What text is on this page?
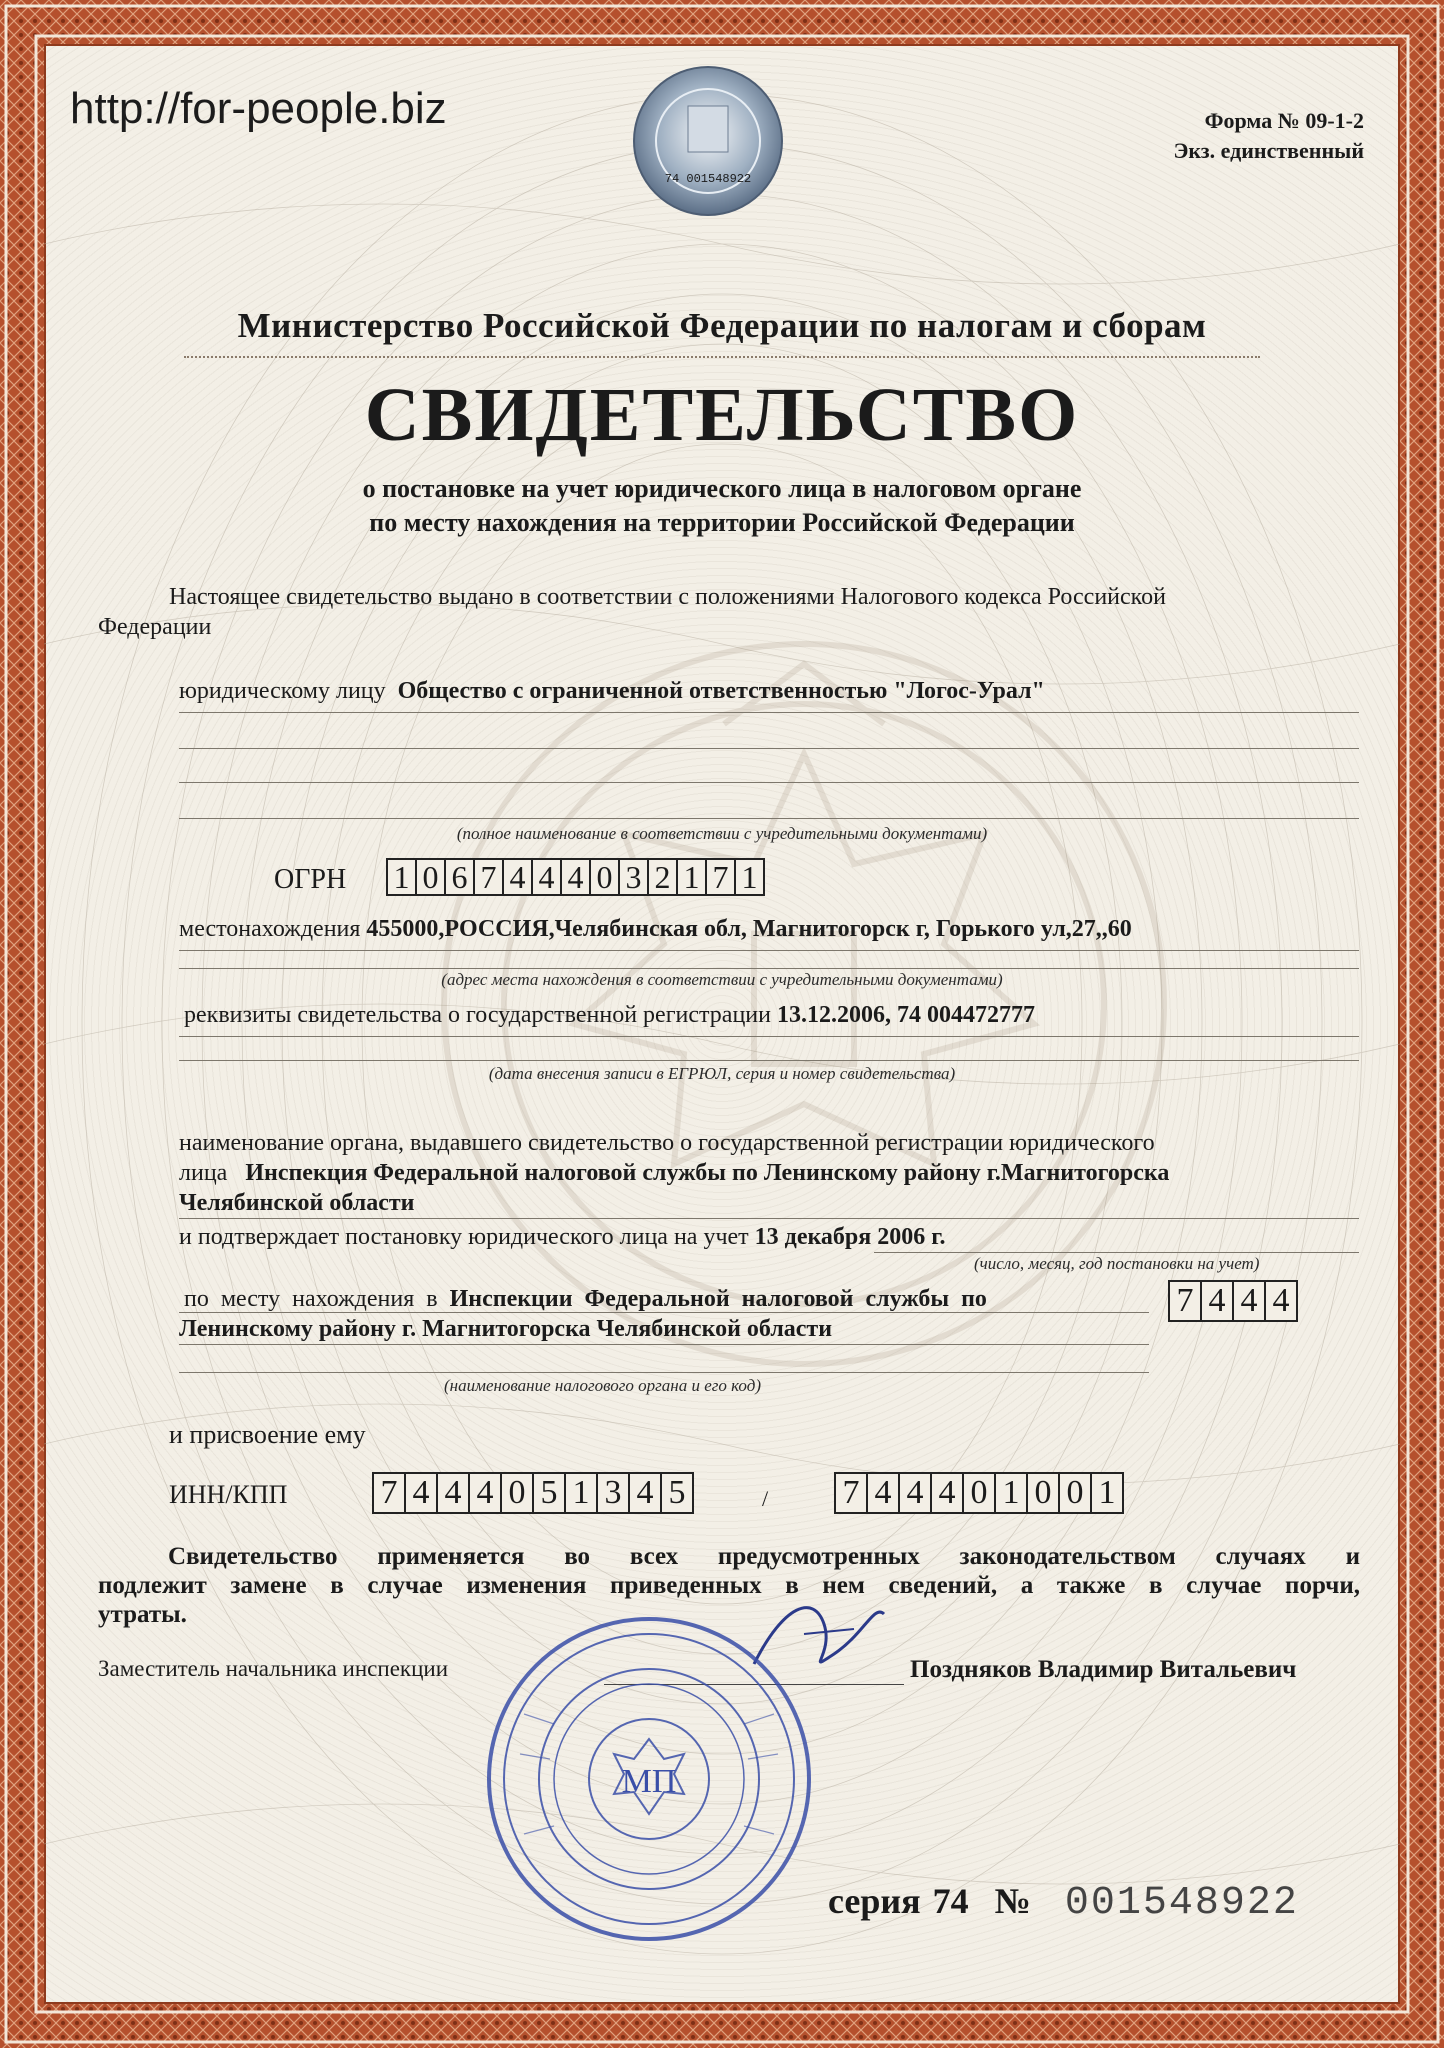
http://for-people.biz	Форма № 09-1-2
Экз. единственный
74 001548922
Министерство Российской Федерации по налогам и сборам
СВИДЕТЕЛЬСТВО
о постановке на учет юридического лица в налоговом органе
по месту нахождения на территории Российской Федерации
Настоящее свидетельство выдано в соответствии с положениями Налогового кодекса Российской
Федерации
юридическому лицу Общество с ограниченной ответственностью "Логос-Урал"
(полное наименование в соответствии с учредительными документами)
ОГРН 1 0 6 7 4 4 4 0 3 2 1 7 1
местонахождения 455000,РОССИЯ,Челябинская обл, Магнитогорск г, Горького ул,27,,60
(адрес места нахождения в соответствии с учредительными документами)
реквизиты свидетельства о государственной регистрации 13.12.2006, 74 004472777
(дата внесения записи в ЕГРЮЛ, серия и номер свидетельства)
наименование органа, выдавшего свидетельство о государственной регистрации юридического
лица Инспекция Федеральной налоговой службы по Ленинскому району г.Магнитогорска
Челябинской области
и подтверждает постановку юридического лица на учет 13 декабря 2006 г.
(число, месяц, год постановки на учет)
по месту нахождения в Инспекции Федеральной налоговой службы по
Ленинскому району г. Магнитогорска Челябинской области
7 4 4 4
(наименование налогового органа и его код)
и присвоение ему
ИНН/КПП	7 4 4 4 0 5 1 3 4 5	/ 7 4 4 4 0 1 0 0 1
Свидетельство применяется во всех предусмотренных законодательством случаях и
подлежит замене в случае изменения приведенных в нем сведений, а также в случае порчи,
утраты.
Заместитель начальника инспекции	Поздняков Владимир Витальевич
МП
серия 74 № 001548922
